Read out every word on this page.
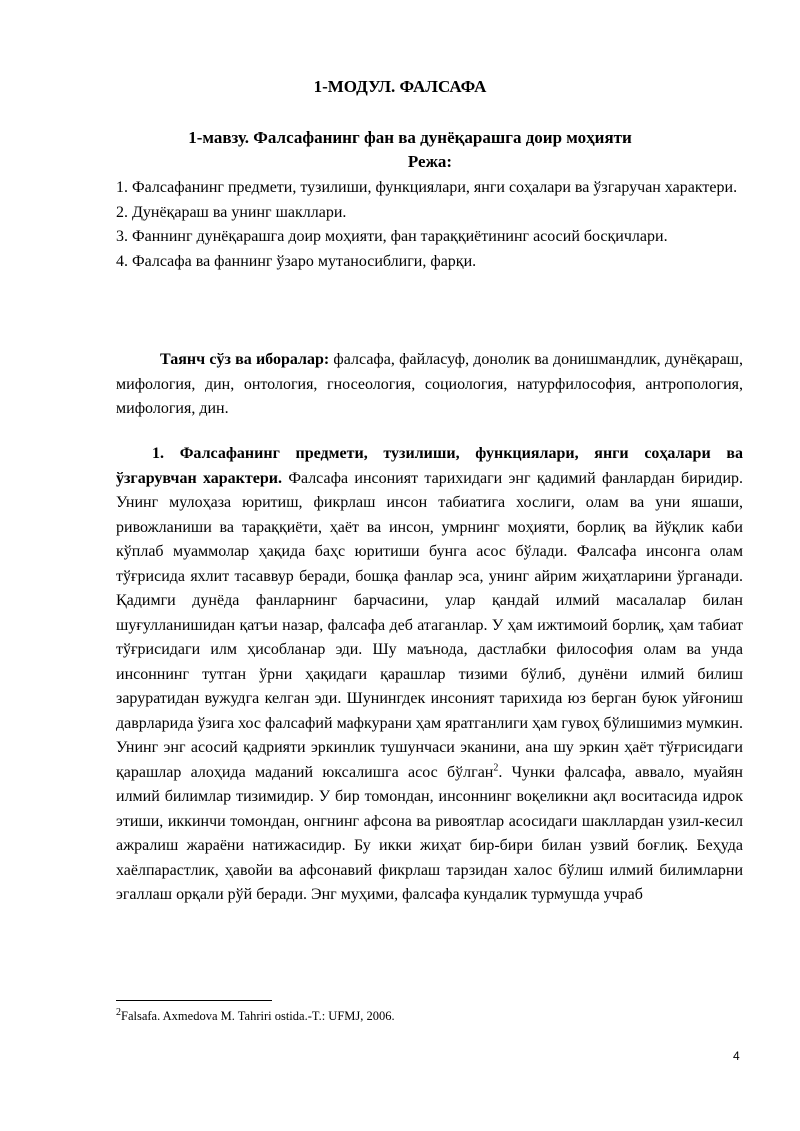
1-МОДУЛ. ФАЛСАФА
1-мавзу. Фалсафанинг фан ва дунёқарашга доир моҳияти
Режа:

1. Фалсафанинг предмети, тузилиши, функциялари, янги соҳалари ва ўзгаручан характери.

2. Дунёқараш ва унинг шакллари.

3. Фаннинг дунёқарашга доир моҳияти, фан тараққиётининг асосий босқичлари.

4. Фалсафа ва фаннинг ўзаро мутаносиблиги, фарқи.

Таянч сўз ва иборалар: фалсафа, файласуф, донолик ва донишмандлик, дунёқараш, мифология, дин, онтология, гносеология, социология, натурфилософия, антропология, мифология, дин.

1. Фалсафанинг предмети, тузилиши, функциялари, янги соҳалари ва ўзгарувчан характери. Фалсафа инсоният тарихидаги энг қадимий фанлардан биридир. Унинг мулоҳаза юритиш, фикрлаш инсон табиатига хослиги, олам ва уни яшаши, ривожланиши ва тараққиёти, ҳаёт ва инсон, умрнинг моҳияти, борлиқ ва йўқлик каби кўплаб муаммолар ҳақида баҳс юритиши бунга асос бўлади. Фалсафа инсонга олам тўғрисида яхлит тасаввур беради, бошқа фанлар эса, унинг айрим жиҳатларини ўрганади. Қадимги дунёда фанларнинг барчасини, улар қандай илмий масалалар билан шуғулланишидан қатъи назар, фалсафа деб атаганлар. У ҳам ижтимоий борлиқ, ҳам табиат тўғрисидаги илм ҳисобланар эди. Шу маънода, дастлабки философия олам ва унда инсоннинг тутган ўрни ҳақидаги қарашлар тизими бўлиб, дунёни илмий билиш заруратидан вужудга келган эди. Шунингдек инсоният тарихида юз берган буюк уйғониш даврларида ўзига хос фалсафий мафкурани ҳам яратганлиги ҳам гувоҳ бўлишимиз мумкин. Унинг энг асосий қадрияти эркинлик тушунчаси эканини, ана шу эркин ҳаёт тўғрисидаги қарашлар алоҳида маданий юксалишга асос бўлган$^2$. Чунки фалсафа, аввало, муайян илмий билимлар тизимидир. У бир томондан, инсоннинг воқеликни ақл воситасида идрок этиши, иккинчи томондан, онгнинг афсона ва ривоятлар асосидаги шакллардан узил-кесил ажралиш жараёни натижасидир. Бу икки жиҳат бир-бири билан узвий боғлиқ. Беҳуда хаёлпарастлик, ҳавойи ва афсонавий фикрлаш тарзидан халос бўлиш илмий билимларни эгаллаш орқали рўй беради. Энг муҳими, фалсафа кундалик турмушда учраб

$^2$Falsafa. Axmedova M. Tahriri ostida.-T.: UFMJ, 2006.

4
